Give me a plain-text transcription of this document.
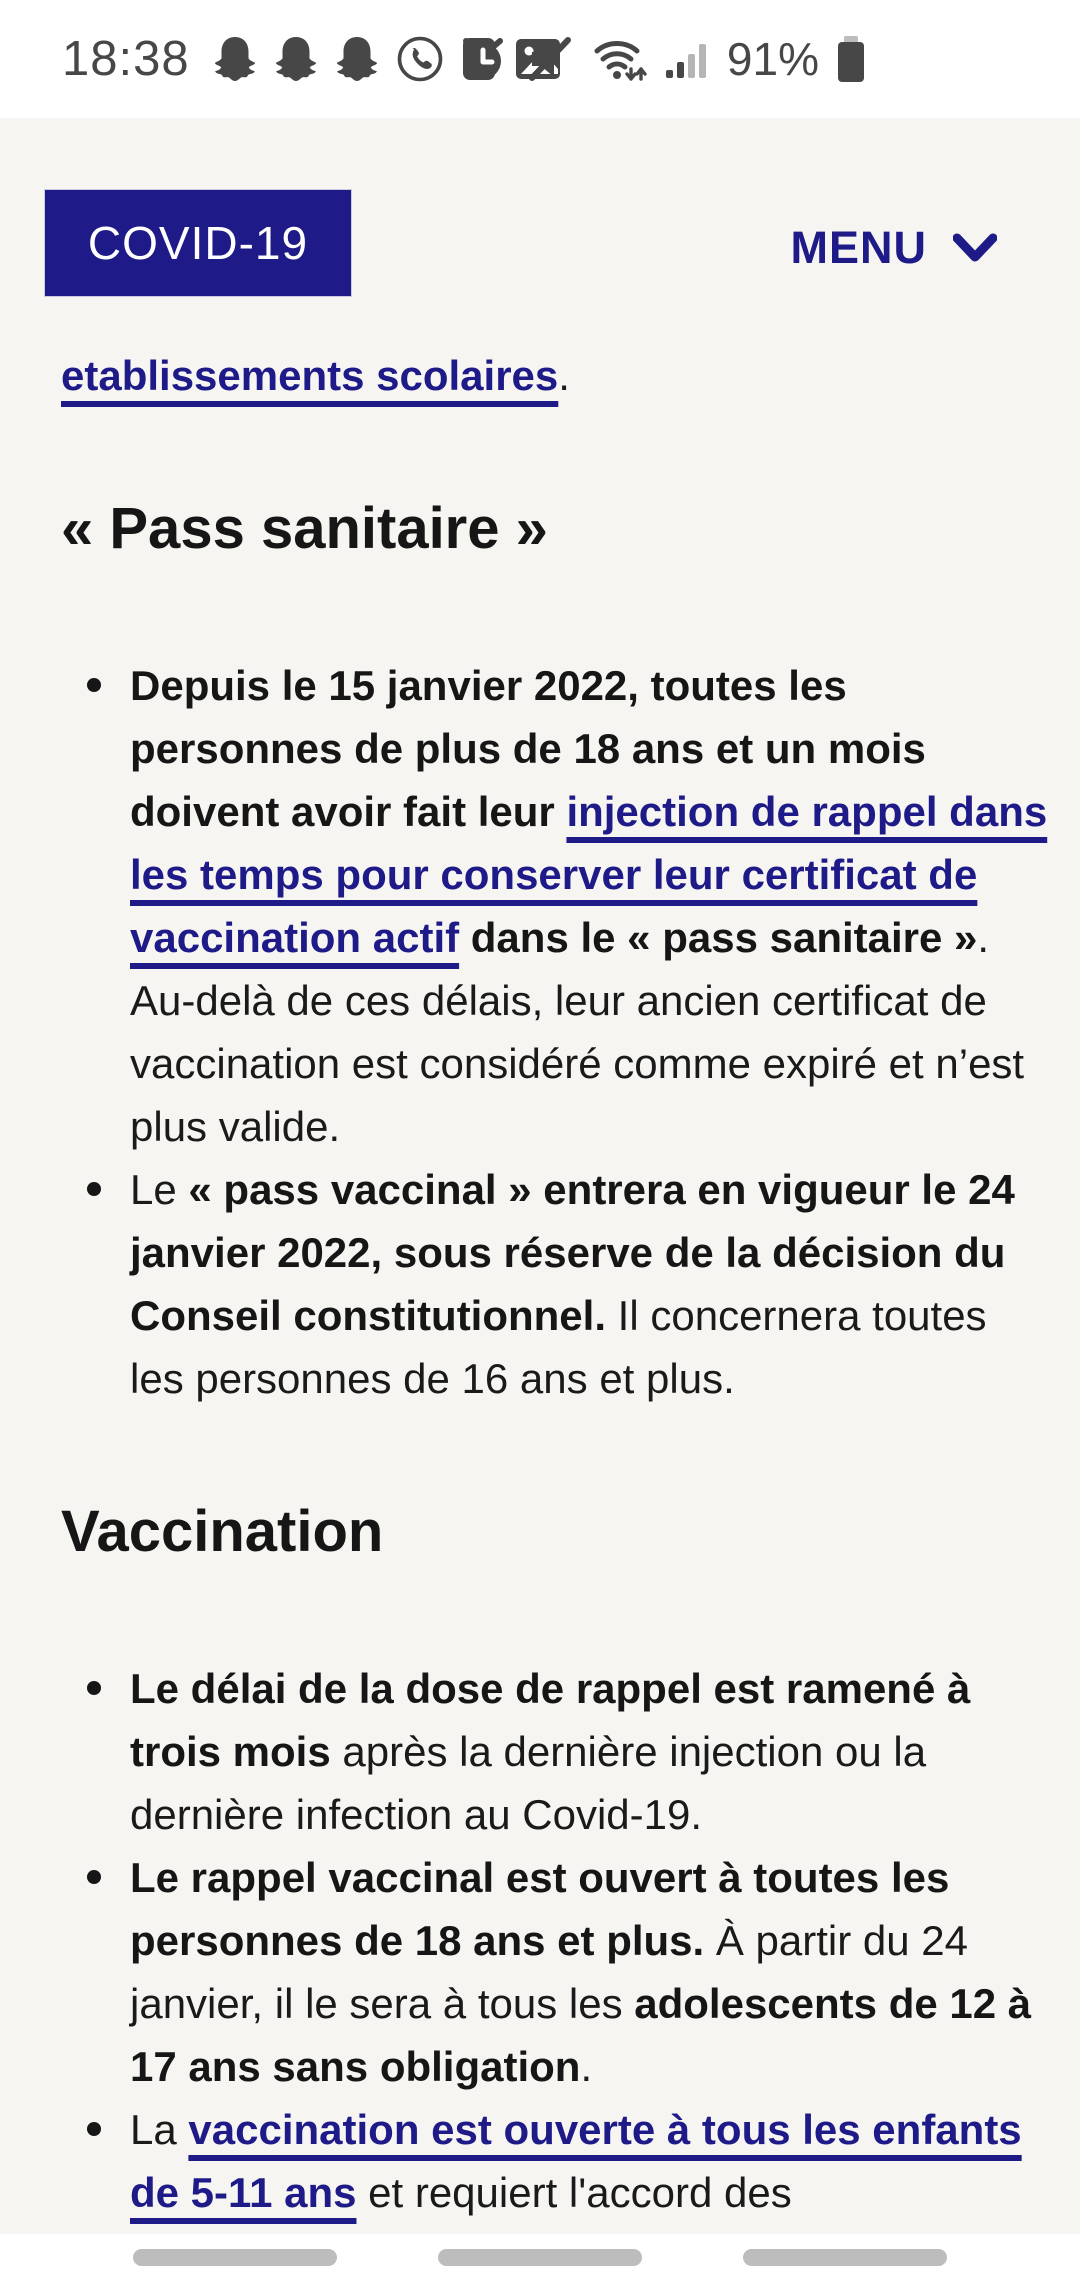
18:38	91%
COVID-19	MENU

etablissements scolaires.

« Pass sanitaire »
Depuis le 15 janvier 2022, toutes les personnes de plus de 18 ans et un mois doivent avoir fait leur injection de rappel dans les temps pour conserver leur certificat de vaccination actif dans le « pass sanitaire ». Au-delà de ces délais, leur ancien certificat de vaccination est considéré comme expiré et n’est plus valide.
Le « pass vaccinal » entrera en vigueur le 24 janvier 2022, sous réserve de la décision du Conseil constitutionnel. Il concernera toutes les personnes de 16 ans et plus.
Vaccination
Le délai de la dose de rappel est ramené à trois mois après la dernière injection ou la dernière infection au Covid-19.
Le rappel vaccinal est ouvert à toutes les personnes de 18 ans et plus. À partir du 24 janvier, il le sera à tous les adolescents de 12 à 17 ans sans obligation.
La vaccination est ouverte à tous les enfants de 5-11 ans et requiert l'accord des
